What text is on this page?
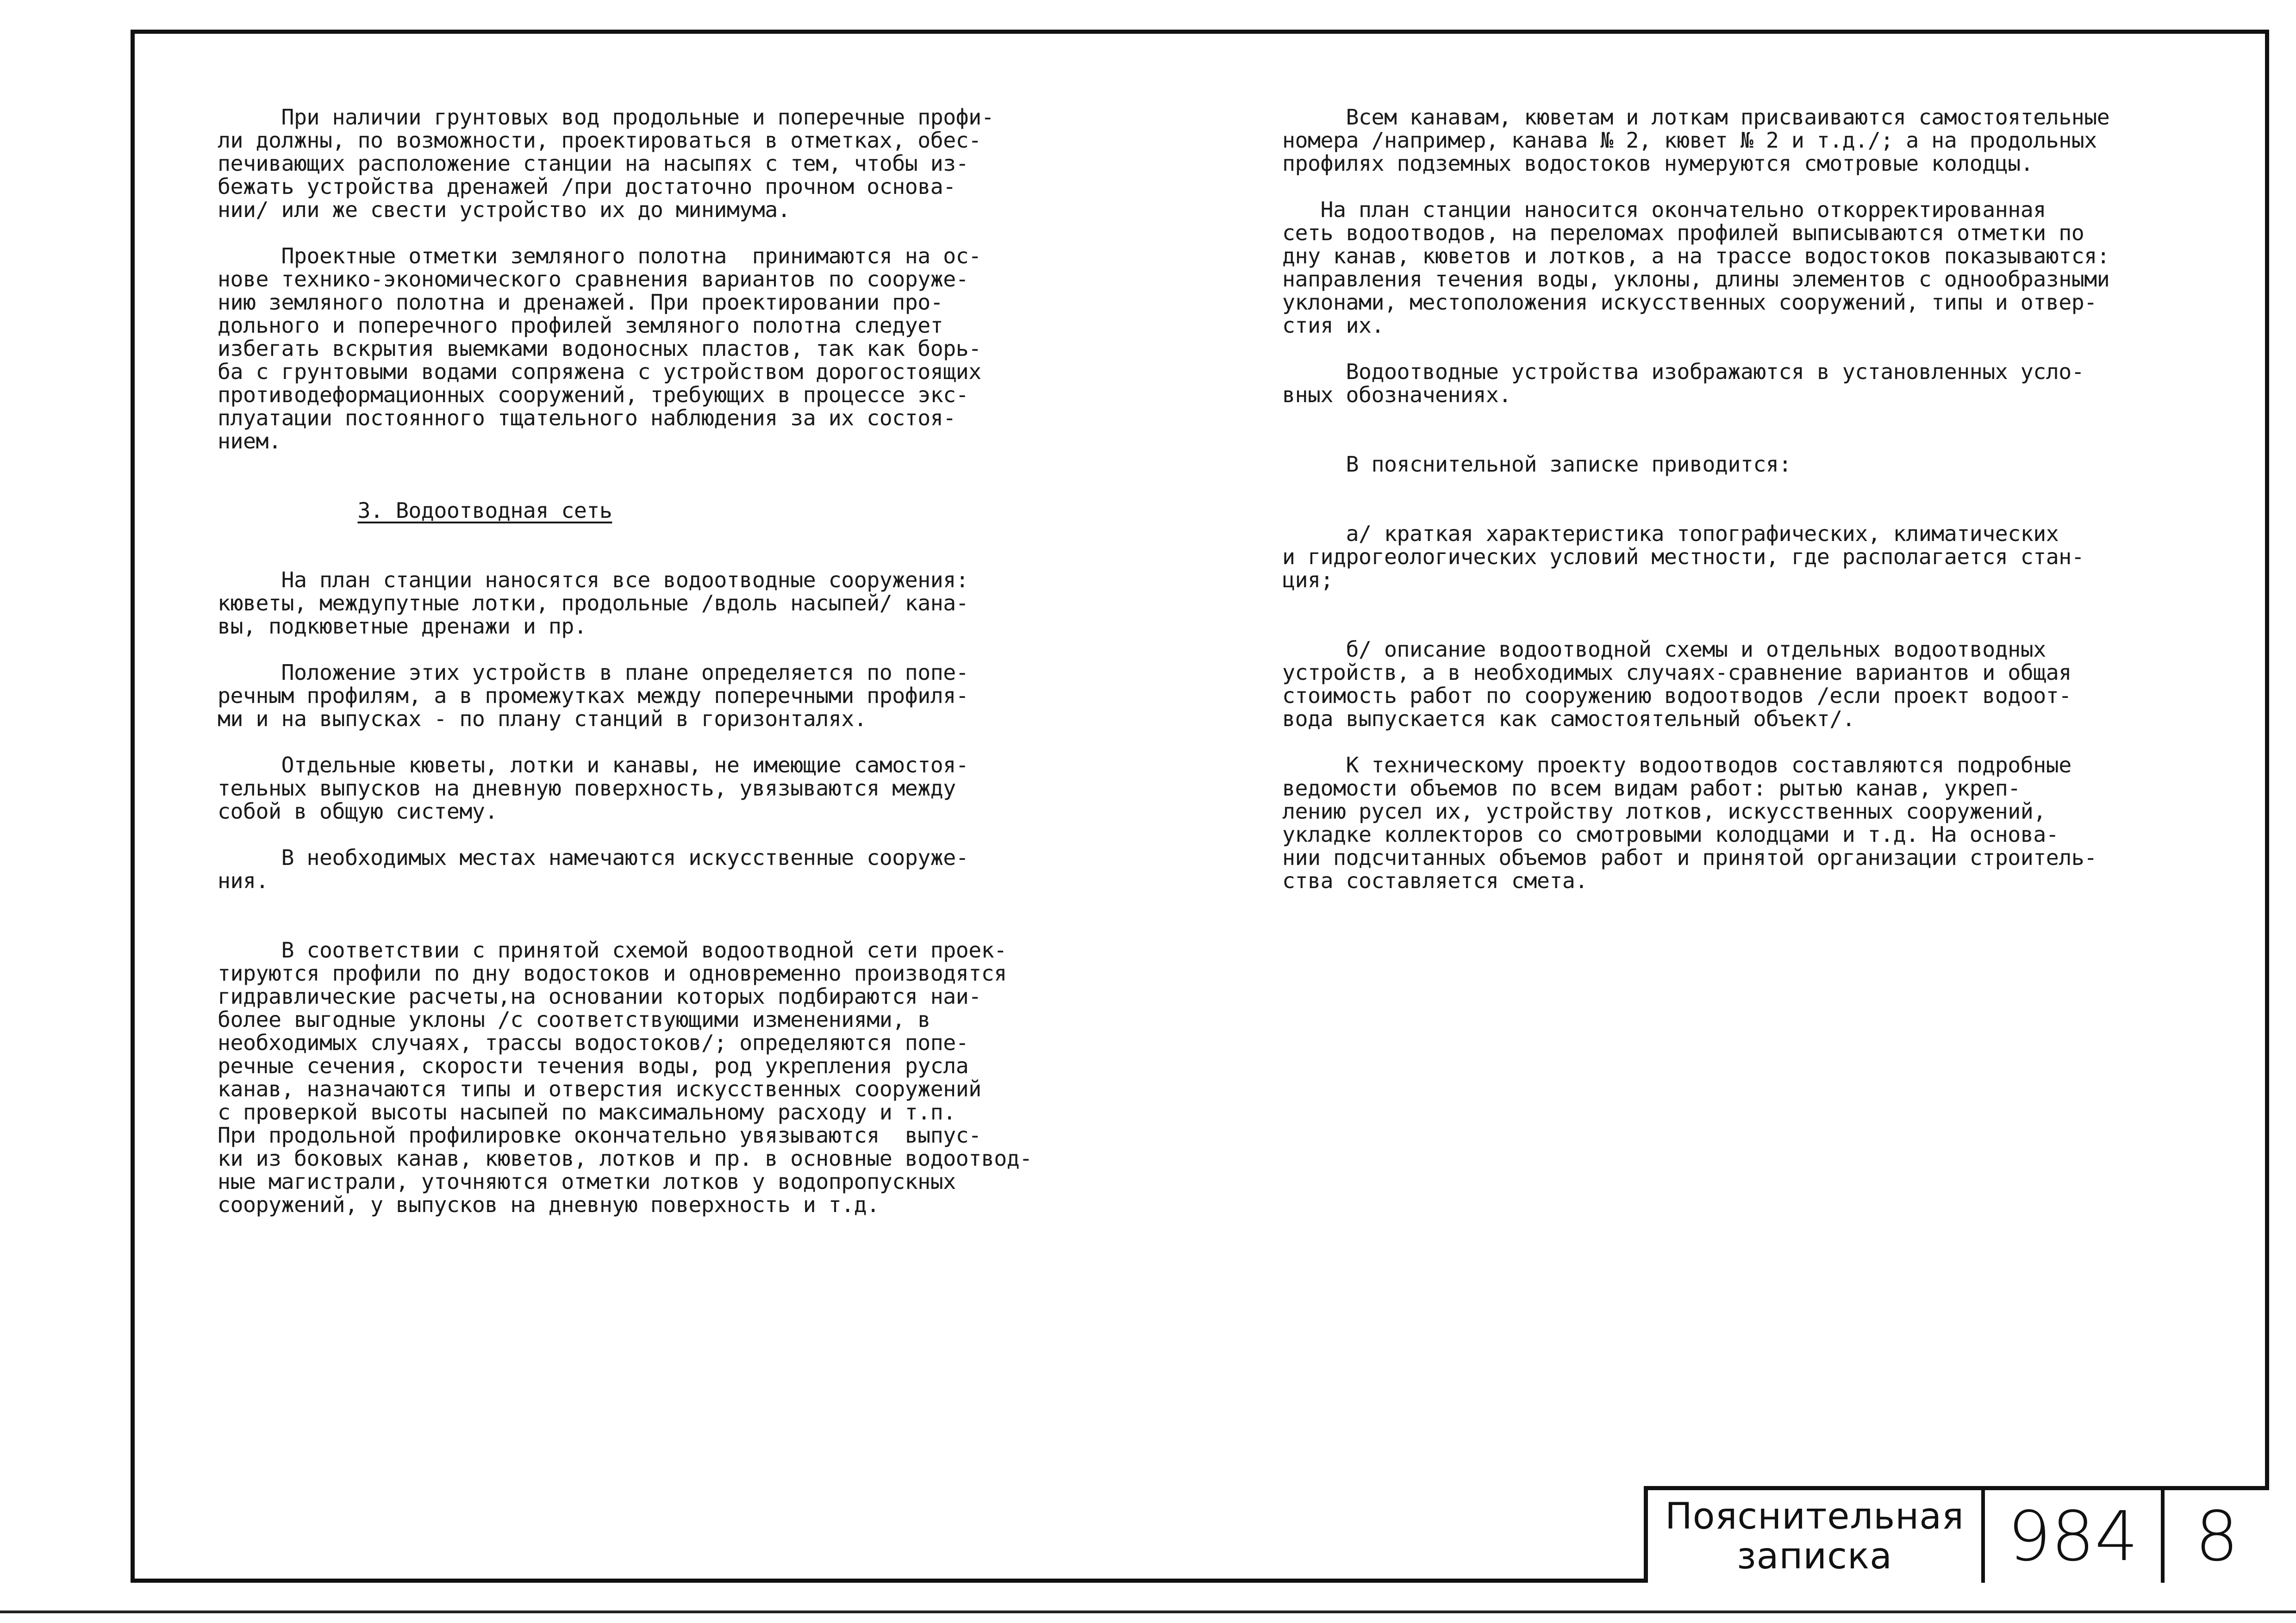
При наличии грунтовых вод продольные и поперечные профи-
ли должны, по возможности, проектироваться в отметках, обес-
печивающих расположение станции на насыпях с тем, чтобы из-
бежать устройства дренажей /при достаточно прочном основа-
нии/ или же свести устройство их до минимума.
Проектные отметки земляного полотна  принимаются на ос-
нове технико-экономического сравнения вариантов по сооруже-
нию земляного полотна и дренажей. При проектировании про-
дольного и поперечного профилей земляного полотна следует
избегать вскрытия выемками водоносных пластов, так как борь-
ба с грунтовыми водами сопряжена с устройством дорогостоящих
противодеформационных сооружений, требующих в процессе экс-
плуатации постоянного тщательного наблюдения за их состоя-
нием.
3. Водоотводная сеть
На план станции наносятся все водоотводные сооружения:
кюветы, междупутные лотки, продольные /вдоль насыпей/ кана-
вы, подкюветные дренажи и пр.
Положение этих устройств в плане определяется по попе-
речным профилям, а в промежутках между поперечными профиля-
ми и на выпусках - по плану станций в горизонталях.
Отдельные кюветы, лотки и канавы, не имеющие самостоя-
тельных выпусков на дневную поверхность, увязываются между
собой в общую систему.
В необходимых местах намечаются искусственные сооруже-
ния.
В соответствии с принятой схемой водоотводной сети проек-
тируются профили по дну водостоков и одновременно производятся
гидравлические расчеты,на основании которых подбираются наи-
более выгодные уклоны /с соответствующими изменениями, в
необходимых случаях, трассы водостоков/; определяются попе-
речные сечения, скорости течения воды, род укрепления русла
канав, назначаются типы и отверстия искусственных сооружений
с проверкой высоты насыпей по максимальному расходу и т.п.
При продольной профилировке окончательно увязываются  выпус-
ки из боковых канав, кюветов, лотков и пр. в основные водоотвод-
ные магистрали, уточняются отметки лотков у водопропускных
сооружений, у выпусков на дневную поверхность и т.д.
Всем канавам, кюветам и лоткам присваиваются самостоятельные
номера /например, канава № 2, кювет № 2 и т.д./; а на продольных
профилях подземных водостоков нумеруются смотровые колодцы.
На план станции наносится окончательно откорректированная
сеть водоотводов, на переломах профилей выписываются отметки по
дну канав, кюветов и лотков, а на трассе водостоков показываются:
направления течения воды, уклоны, длины элементов с однообразными
уклонами, местоположения искусственных сооружений, типы и отвер-
стия их.
Водоотводные устройства изображаются в установленных усло-
вных обозначениях.
В пояснительной записке приводится:
а/ краткая характеристика топографических, климатических
и гидрогеологических условий местности, где располагается стан-
ция;
б/ описание водоотводной схемы и отдельных водоотводных
устройств, а в необходимых случаях-сравнение вариантов и общая
стоимость работ по сооружению водоотводов /если проект водоот-
вода выпускается как самостоятельный объект/.
К техническому проекту водоотводов составляются подробные
ведомости объемов по всем видам работ: рытью канав, укреп-
лению русел их, устройству лотков, искусственных сооружений,
укладке коллекторов со смотровыми колодцами и т.д. На основа-
нии подсчитанных объемов работ и принятой организации строитель-
ства составляется смета.
Пояснительная
записка	984 8
